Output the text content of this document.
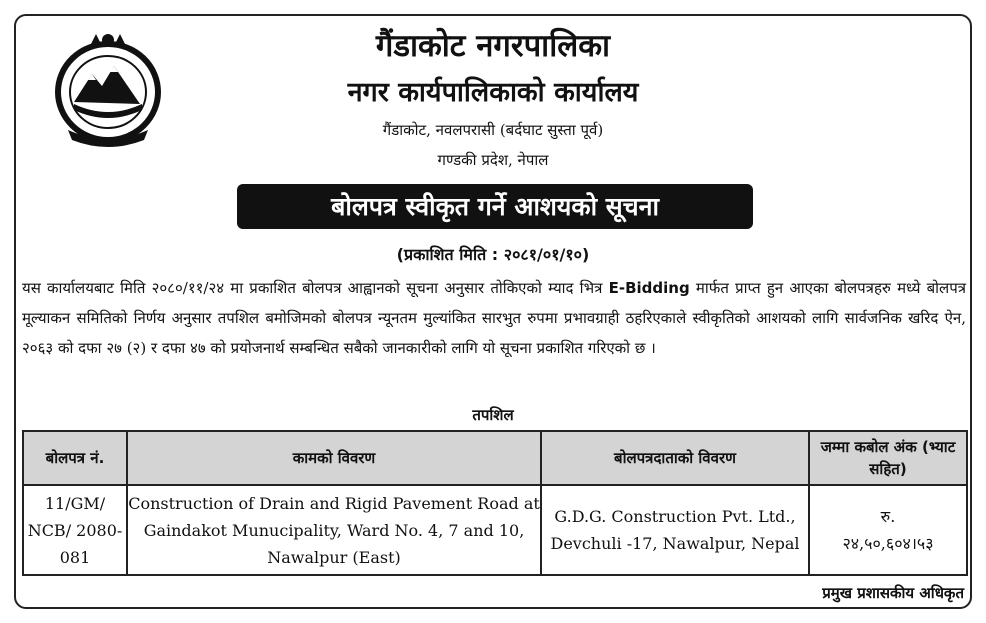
गैंडाकोट नगरपालिका
नगर कार्यपालिकाको कार्यालय
गैंडाकोट, नवलपरासी (बर्दघाट सुस्ता पूर्व)
गण्डकी प्रदेश, नेपाल
बोलपत्र स्वीकृत गर्ने आशयको सूचना
(प्रकाशित मिति : २०८१/०१/१०)
यस कार्यालयबाट मिति २०८०/११/२४ मा प्रकाशित बोलपत्र आह्वानको सूचना अनुसार तोकिएको म्याद भित्र E-Bidding मार्फत प्राप्त हुन आएका बोलपत्रहरु मध्ये बोलपत्र मूल्याकन समितिको निर्णय अनुसार तपशिल बमोजिमको बोलपत्र न्यूनतम मुल्यांकित सारभुत रुपमा प्रभावग्राही ठहरिएकाले स्वीकृतिको आशयको लागि सार्वजनिक खरिद ऐन, २०६३ को दफा २७ (२) र दफा ४७ को प्रयोजनार्थ सम्बन्धित सबैको जानकारीको लागि यो सूचना प्रकाशित गरिएको छ ।
तपशिल
बोलपत्र नं.	कामको विवरण	बोलपत्रदाताको विवरण	जम्मा कबोल अंक (भ्याट सहित)
11/GM/ NCB/ 2080-081	Construction of Drain and Rigid Pavement Road at Gaindakot Munucipality, Ward No. 4, 7 and 10, Nawalpur (East)	G.D.G. Construction Pvt. Ltd., Devchuli -17, Nawalpur, Nepal	रु.
२४,५०,६०४।५३
प्रमुख प्रशासकीय अधिकृत
